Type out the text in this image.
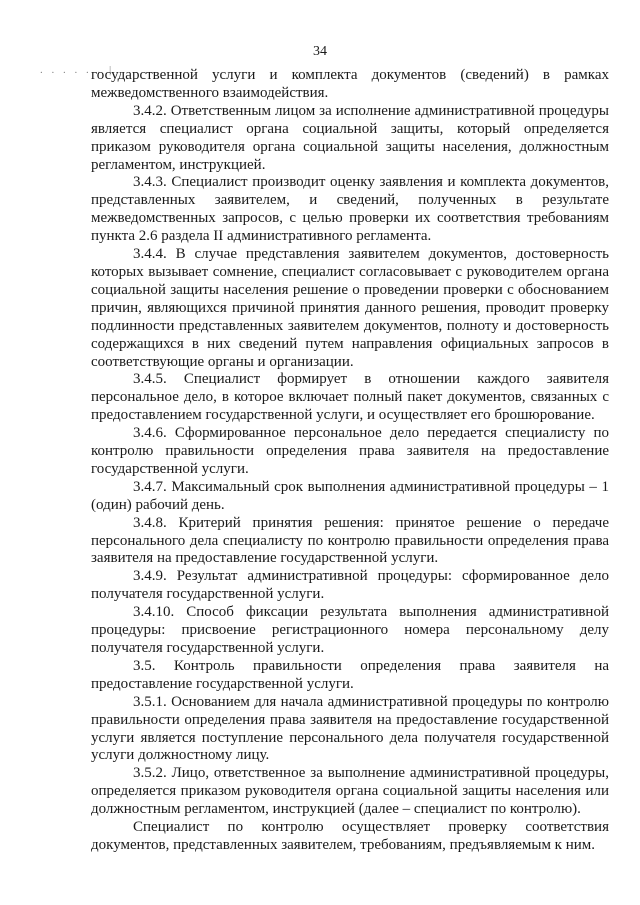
34
. . . . . . |

государственной услуги и комплекта документов (сведений) в рамках межведомственного взаимодействия.

3.4.2. Ответственным лицом за исполнение административной процедуры является специалист органа социальной защиты, который определяется приказом руководителя органа социальной защиты населения, должностным регламентом, инструкцией.

3.4.3. Специалист производит оценку заявления и комплекта документов, представленных заявителем, и сведений, полученных в результате межведомственных запросов, с целью проверки их соответствия требованиям пункта 2.6 раздела II административного регламента.

3.4.4. В случае представления заявителем документов, достоверность которых вызывает сомнение, специалист согласовывает с руководителем органа социальной защиты населения решение о проведении проверки с обоснованием причин, являющихся причиной принятия данного решения, проводит проверку подлинности представленных заявителем документов, полноту и достоверность содержащихся в них сведений путем направления официальных запросов в соответствующие органы и организации.

3.4.5. Специалист формирует в отношении каждого заявителя персональное дело, в которое включает полный пакет документов, связанных с предоставлением государственной услуги, и осуществляет его брошюрование.

3.4.6. Сформированное персональное дело передается специалисту по контролю правильности определения права заявителя на предоставление государственной услуги.

3.4.7. Максимальный срок выполнения административной процедуры – 1 (один) рабочий день.

3.4.8. Критерий принятия решения: принятое решение о передаче персонального дела специалисту по контролю правильности определения права заявителя на предоставление государственной услуги.

3.4.9. Результат административной процедуры: сформированное дело получателя государственной услуги.

3.4.10. Способ фиксации результата выполнения административной процедуры: присвоение регистрационного номера персональному делу получателя государственной услуги.

3.5. Контроль правильности определения права заявителя на предоставление государственной услуги.

3.5.1. Основанием для начала административной процедуры по контролю правильности определения права заявителя на предоставление государственной услуги является поступление персонального дела получателя государственной услуги должностному лицу.

3.5.2. Лицо, ответственное за выполнение административной процедуры, определяется приказом руководителя органа социальной защиты населения или должностным регламентом, инструкцией (далее – специалист по контролю).

Специалист по контролю осуществляет проверку соответствия документов, представленных заявителем, требованиям, предъявляемым к ним.
